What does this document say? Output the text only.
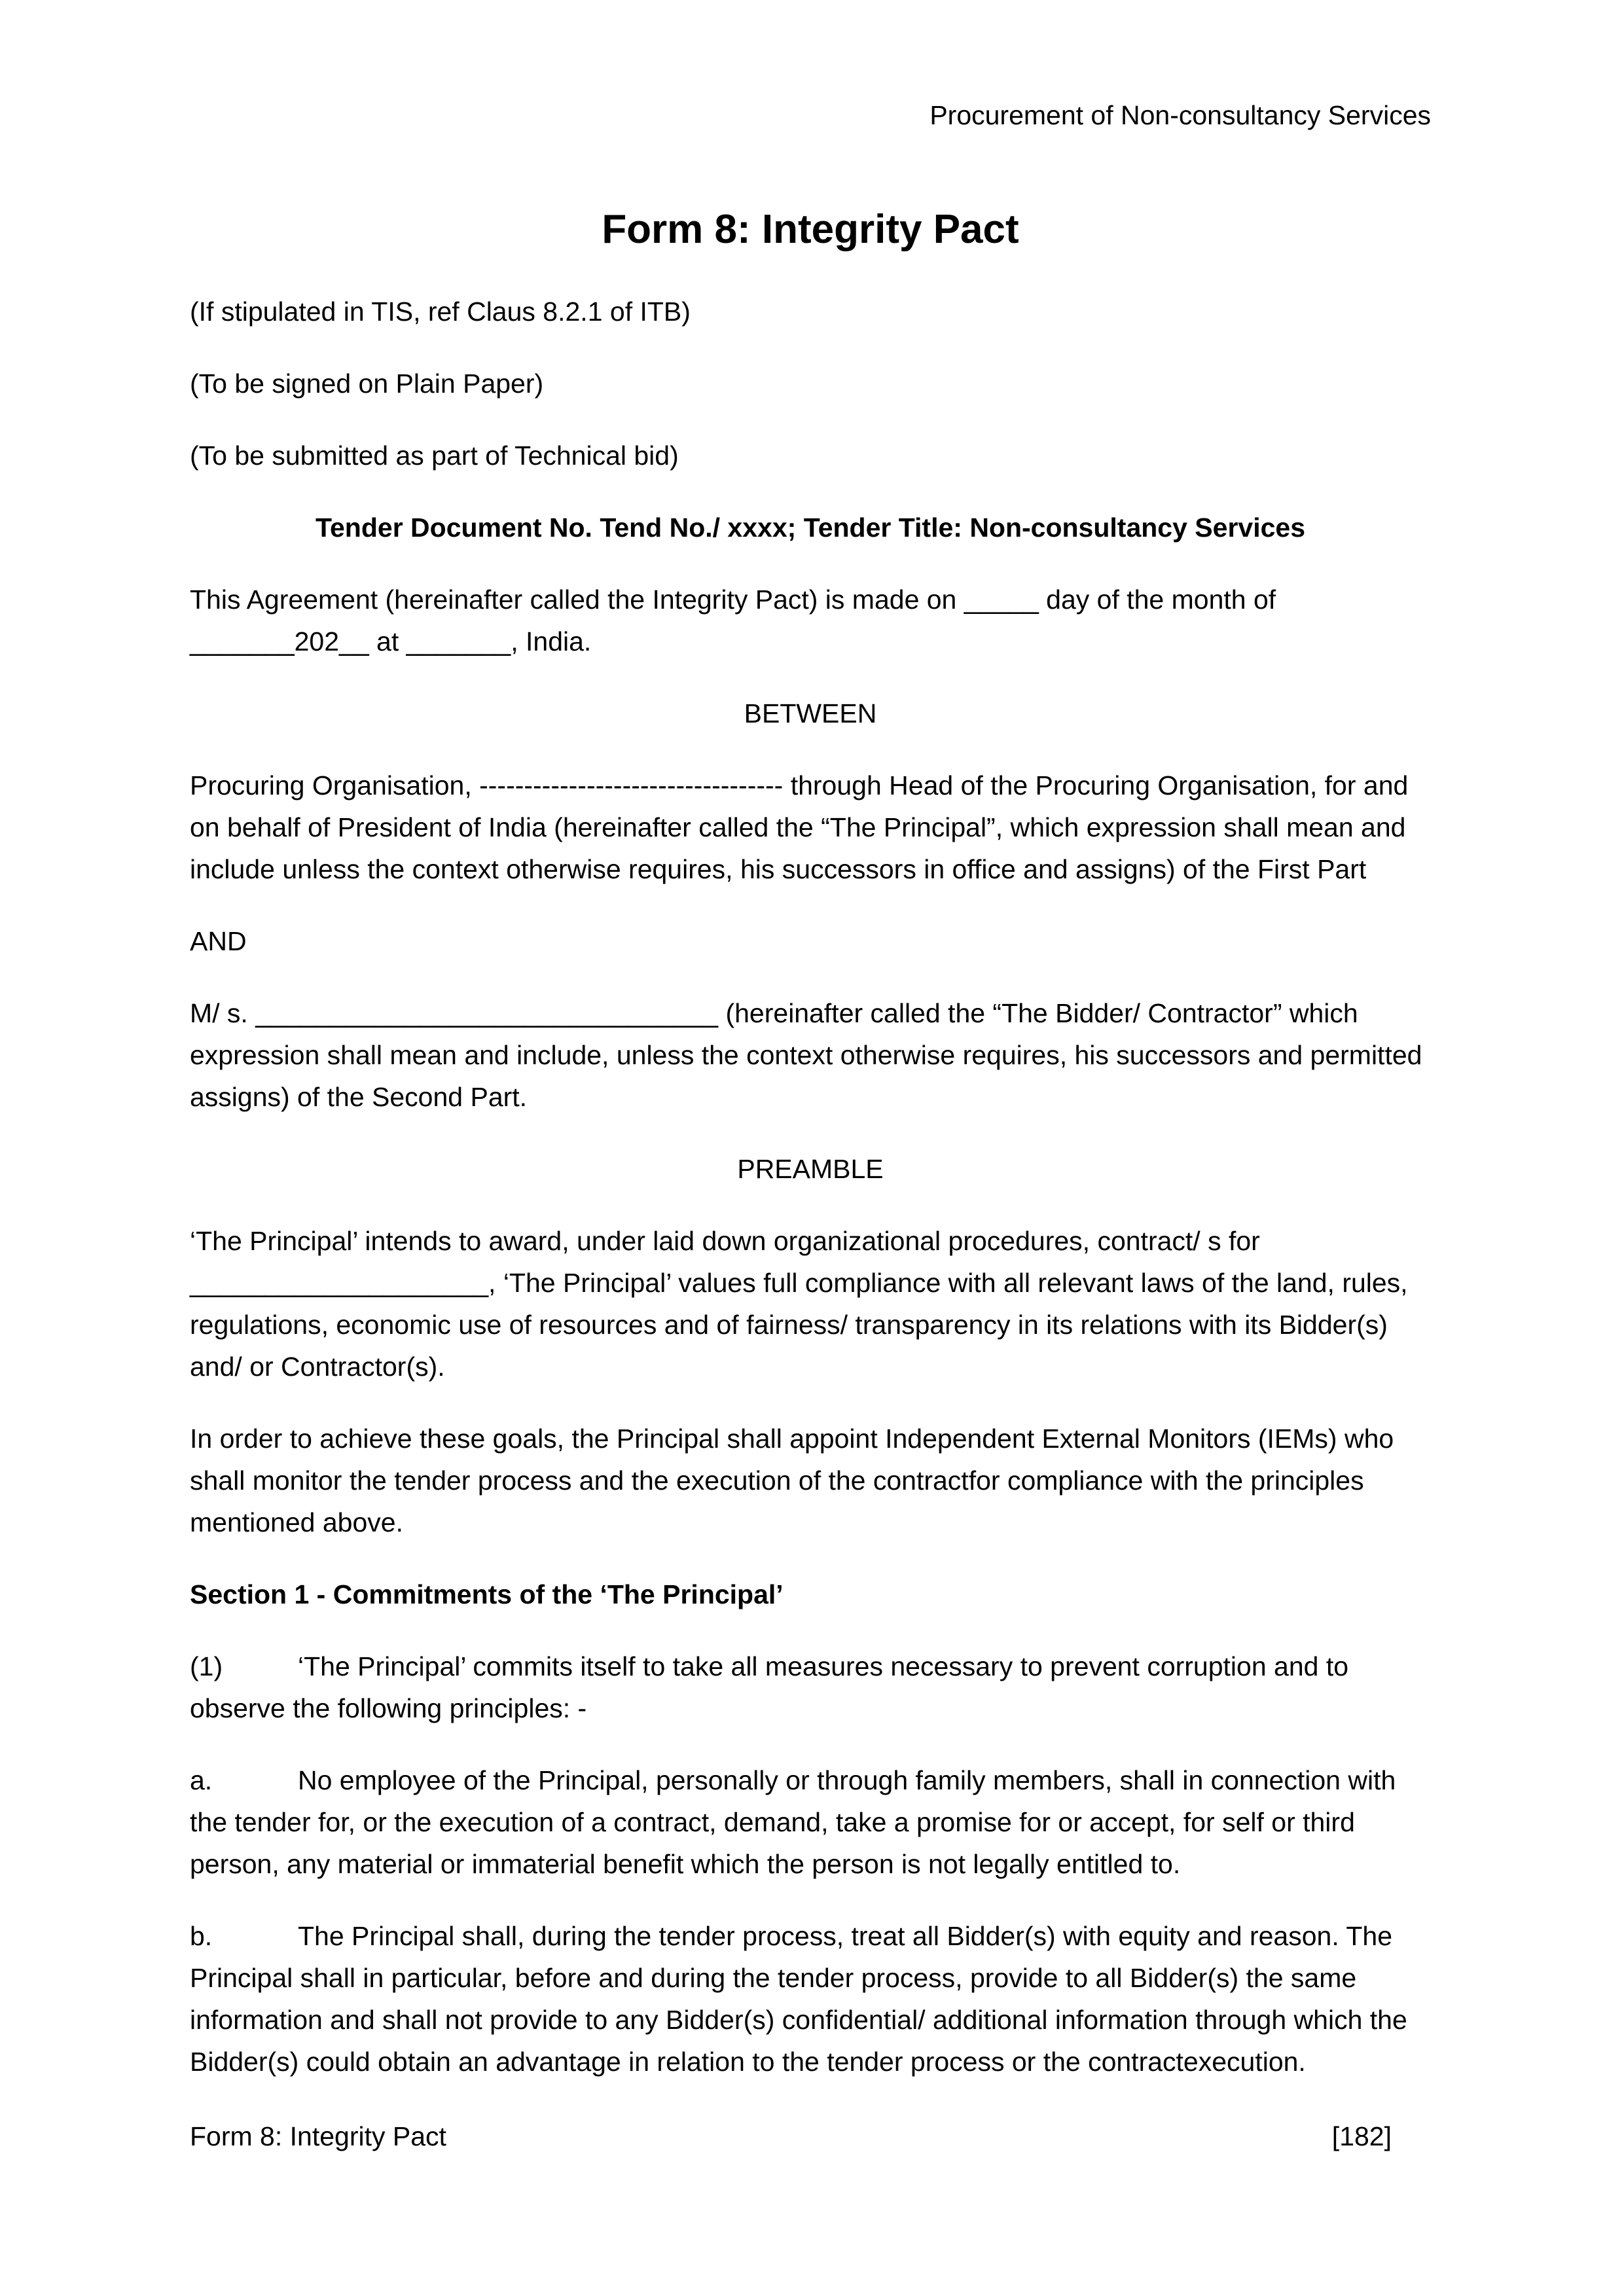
Procurement of Non-consultancy Services
Form 8: Integrity Pact

(If stipulated in TIS, ref Claus 8.2.1 of ITB)

(To be signed on Plain Paper)

(To be submitted as part of Technical bid)

Tender Document No. Tend No./ xxxx; Tender Title: Non-consultancy Services

This Agreement (hereinafter called the Integrity Pact) is made on _____ day of the month of _______202__ at _______, India.

BETWEEN

Procuring Organisation, ---------------------------------- through Head of the Procuring Organisation, for and on behalf of President of India (hereinafter called the “The Principal”, which expression shall mean and include unless the context otherwise requires, his successors in office and assigns) of the First Part

AND

M/ s. _______________________________ (hereinafter called the “The Bidder/ Contractor” which expression shall mean and include, unless the context otherwise requires, his successors and permitted assigns) of the Second Part.

PREAMBLE

‘The Principal’ intends to award, under laid down organizational procedures, contract/ s for ____________________, ‘The Principal’ values full compliance with all relevant laws of the land, rules, regulations, economic use of resources and of fairness/ transparency in its relations with its Bidder(s) and/ or Contractor(s).

In order to achieve these goals, the Principal shall appoint Independent External Monitors (IEMs) who shall monitor the tender process and the execution of the contractfor compliance with the principles mentioned above.

Section 1 - Commitments of the ‘The Principal’

(1)	‘The Principal’ commits itself to take all measures necessary to prevent corruption and to observe the following principles: -

a.	No employee of the Principal, personally or through family members, shall in connection with the tender for, or the execution of a contract, demand, take a promise for or accept, for self or third person, any material or immaterial benefit which the person is not legally entitled to.

b.	The Principal shall, during the tender process, treat all Bidder(s) with equity and reason. The Principal shall in particular, before and during the tender process, provide to all Bidder(s) the same information and shall not provide to any Bidder(s) confidential/ additional information through which the Bidder(s) could obtain an advantage in relation to the tender process or the contractexecution.

Form 8: Integrity Pact	[182]
